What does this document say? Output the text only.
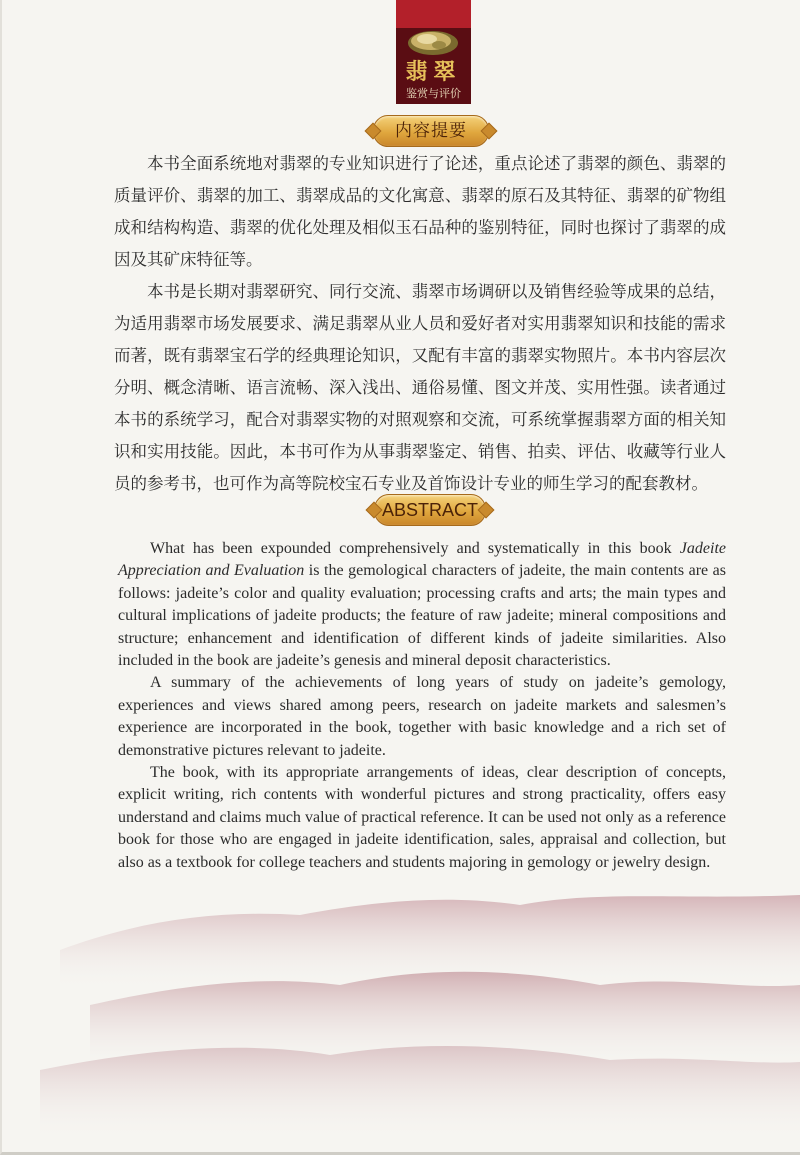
翡翠
鉴赏与评价
内容提要

本书全面系统地对翡翠的专业知识进行了论述，重点论述了翡翠的颜色、翡翠的质量评价、翡翠的加工、翡翠成品的文化寓意、翡翠的原石及其特征、翡翠的矿物组成和结构构造、翡翠的优化处理及相似玉石品种的鉴别特征，同时也探讨了翡翠的成因及其矿床特征等。

本书是长期对翡翠研究、同行交流、翡翠市场调研以及销售经验等成果的总结，为适用翡翠市场发展要求、满足翡翠从业人员和爱好者对实用翡翠知识和技能的需求而著，既有翡翠宝石学的经典理论知识，又配有丰富的翡翠实物照片。本书内容层次分明、概念清晰、语言流畅、深入浅出、通俗易懂、图文并茂、实用性强。读者通过本书的系统学习，配合对翡翠实物的对照观察和交流，可系统掌握翡翠方面的相关知识和实用技能。因此，本书可作为从事翡翠鉴定、销售、拍卖、评估、收藏等行业人员的参考书，也可作为高等院校宝石专业及首饰设计专业的师生学习的配套教材。

ABSTRACT

What has been expounded comprehensively and systematically in this book Jadeite Appreciation and Evaluation is the gemological characters of jadeite, the main contents are as follows: jadeite’s color and quality evaluation; processing crafts and arts; the main types and cultural implications of jadeite products; the feature of raw jadeite; mineral compositions and structure; enhancement and identification of different kinds of jadeite similarities. Also included in the book are jadeite’s genesis and mineral deposit characteristics.

A summary of the achievements of long years of study on jadeite’s gemology, experiences and views shared among peers, research on jadeite markets and salesmen’s experience are incorporated in the book, together with basic knowledge and a rich set of demonstrative pictures relevant to jadeite.

The book, with its appropriate arrangements of ideas, clear description of concepts, explicit writing, rich contents with wonderful pictures and strong practicality, offers easy understand and claims much value of practical reference. It can be used not only as a reference book for those who are engaged in jadeite identification, sales, appraisal and collection, but also as a textbook for college teachers and students majoring in gemology or jewelry design.
